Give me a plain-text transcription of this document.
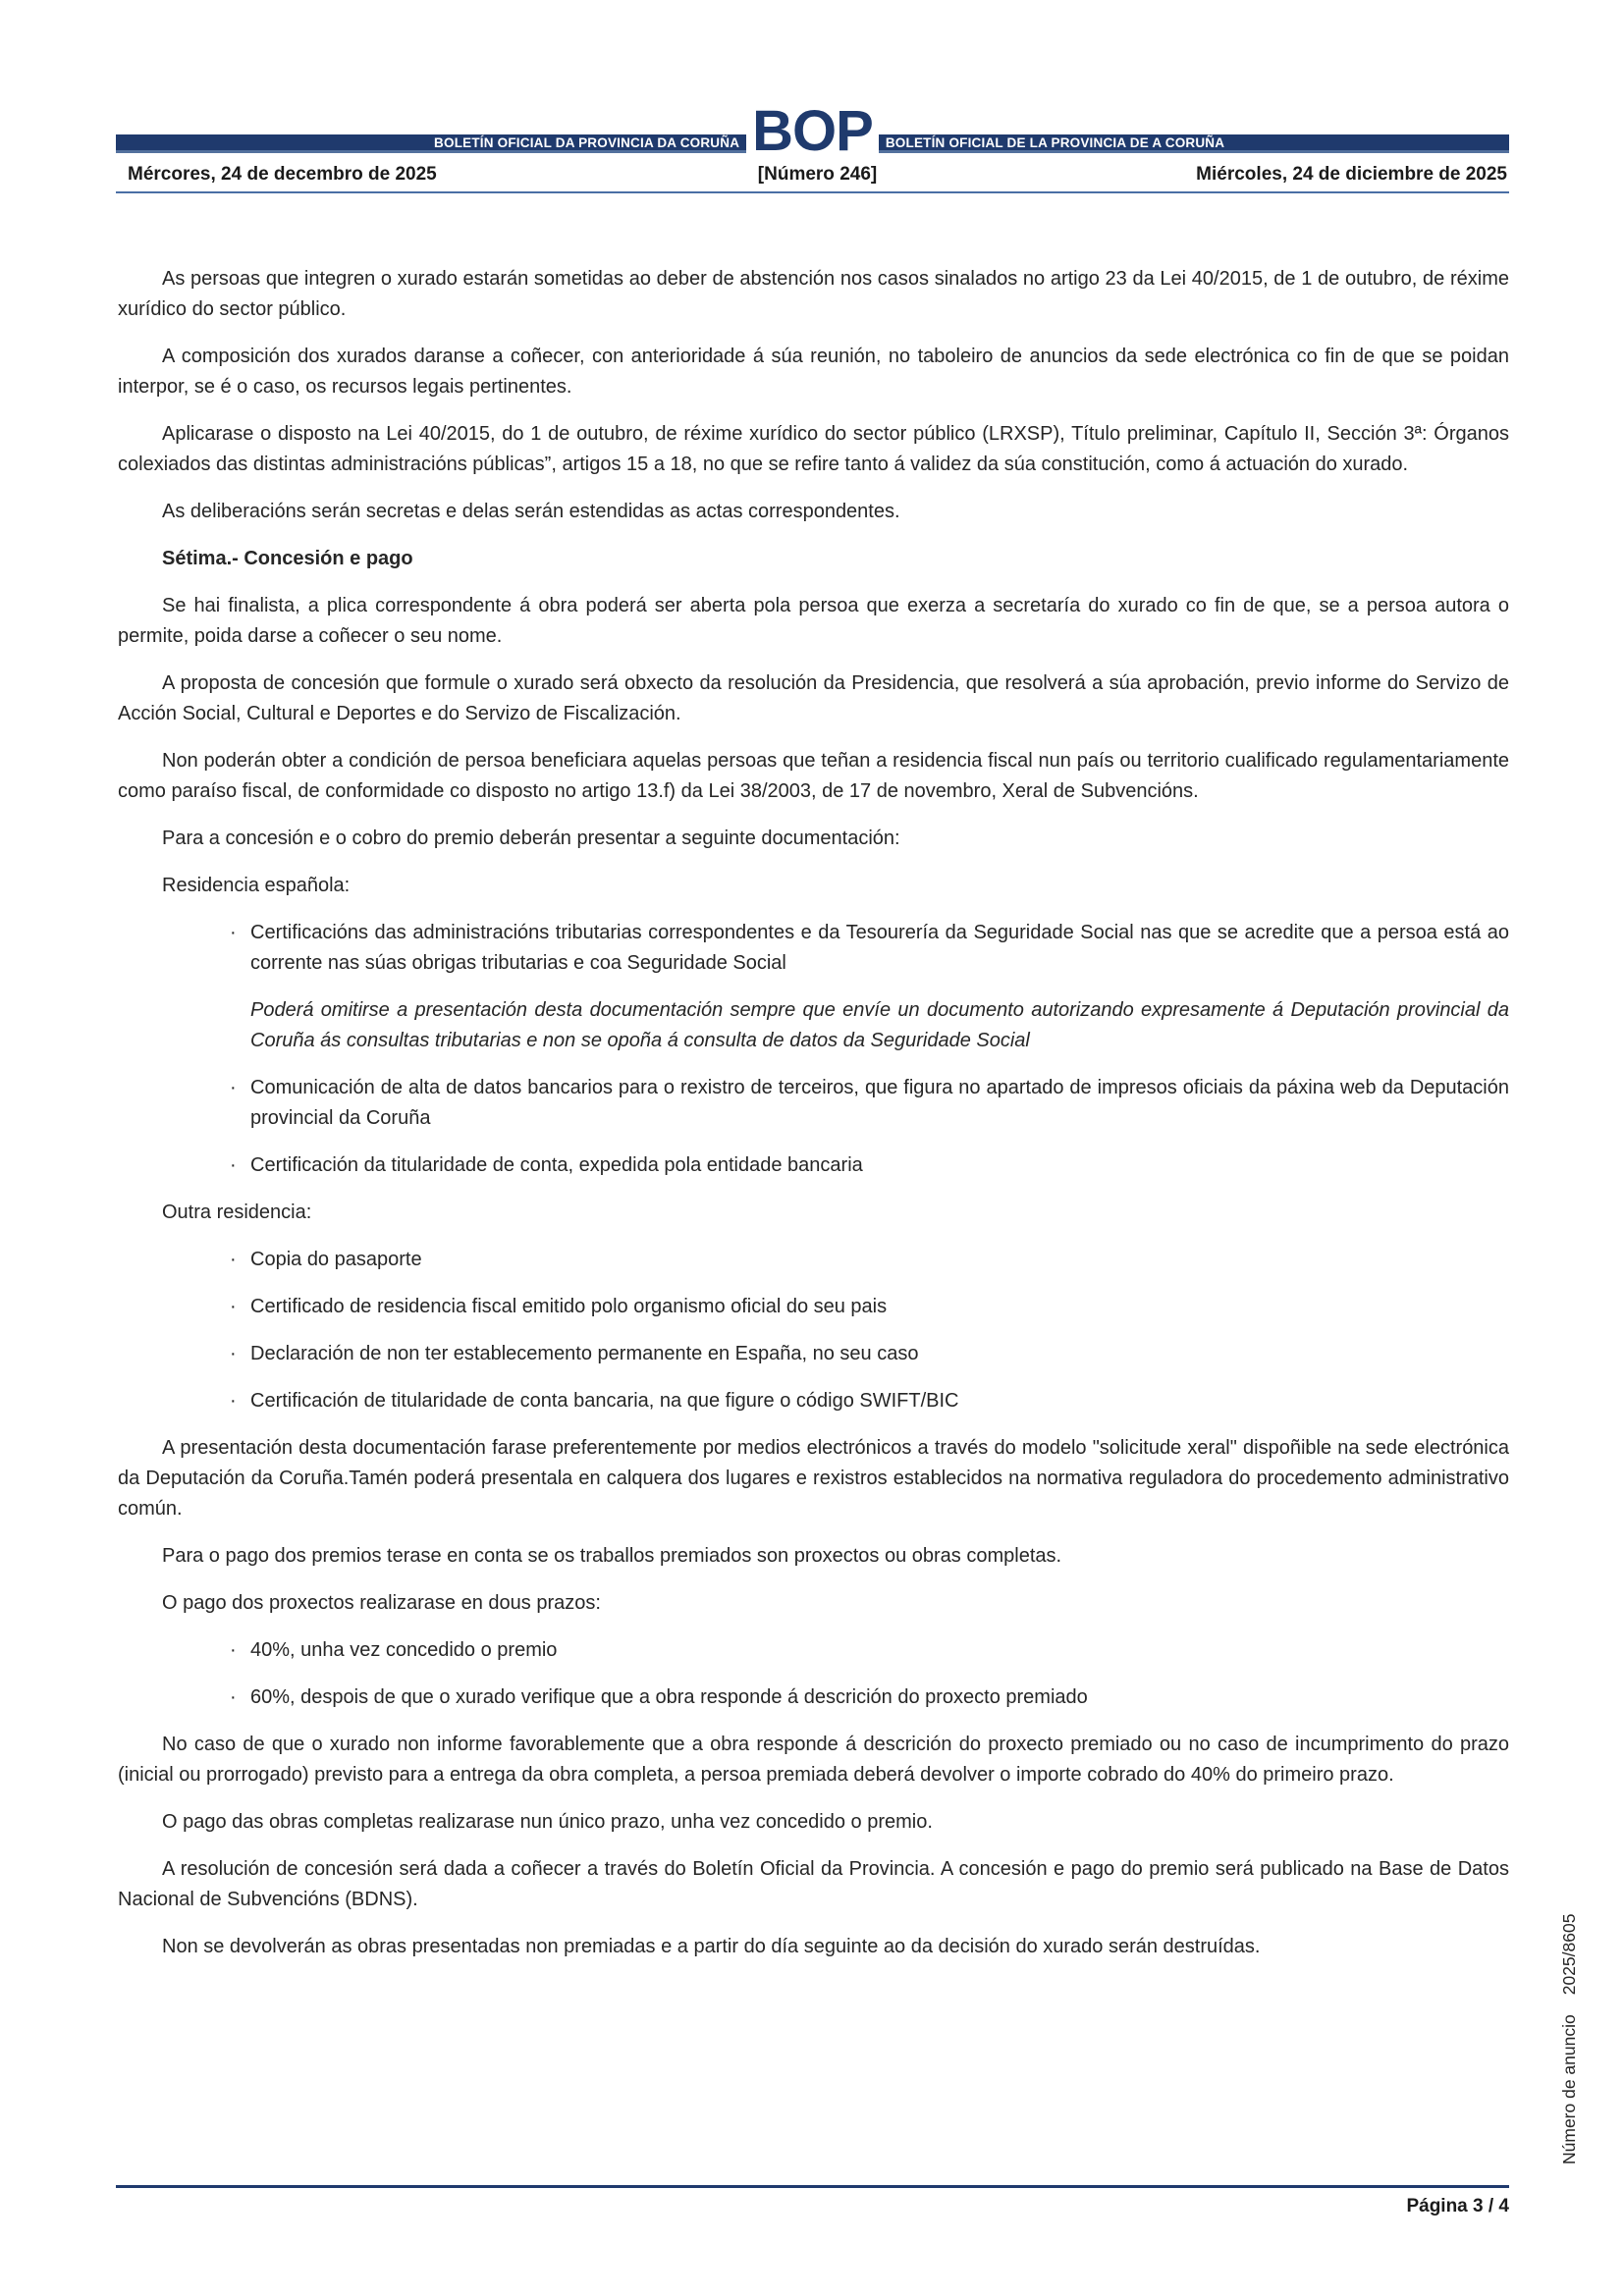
BOLETÍN OFICIAL DA PROVINCIA DA CORUÑA BOP BOLETÍN OFICIAL DE LA PROVINCIA DE A CORUÑA
Mércores, 24 de decembro de 2025	[Número 246]	Miércoles, 24 de diciembre de 2025

As persoas que integren o xurado estarán sometidas ao deber de abstención nos casos sinalados no artigo 23 da Lei 40/2015, de 1 de outubro, de réxime xurídico do sector público.

A composición dos xurados daranse a coñecer, con anterioridade á súa reunión, no taboleiro de anuncios da sede electrónica co fin de que se poidan interpor, se é o caso, os recursos legais pertinentes.

Aplicarase o disposto na Lei 40/2015, do 1 de outubro, de réxime xurídico do sector público (LRXSP), Título preliminar, Capítulo II, Sección 3ª: Órganos colexiados das distintas administracións públicas”, artigos 15 a 18, no que se refire tanto á validez da súa constitución, como á actuación do xurado.

As deliberacións serán secretas e delas serán estendidas as actas correspondentes.

Sétima.- Concesión e pago

Se hai finalista, a plica correspondente á obra poderá ser aberta pola persoa que exerza a secretaría do xurado co fin de que, se a persoa autora o permite, poida darse a coñecer o seu nome.

A proposta de concesión que formule o xurado será obxecto da resolución da Presidencia, que resolverá a súa aprobación, previo informe do Servizo de Acción Social, Cultural e Deportes e do Servizo de Fiscalización.

Non poderán obter a condición de persoa beneficiara aquelas persoas que teñan a residencia fiscal nun país ou territorio cualificado regulamentariamente como paraíso fiscal, de conformidade co disposto no artigo 13.f) da Lei 38/2003, de 17 de novembro, Xeral de Subvencións.

Para a concesión e o cobro do premio deberán presentar a seguinte documentación:

Residencia española:

· Certificacións das administracións tributarias correspondentes e da Tesourería da Seguridade Social nas que se acredite que a persoa está ao corrente nas súas obrigas tributarias e coa Seguridade Social

Poderá omitirse a presentación desta documentación sempre que envíe un documento autorizando expresamente á Deputación provincial da Coruña ás consultas tributarias e non se opoña á consulta de datos da Seguridade Social

· Comunicación de alta de datos bancarios para o rexistro de terceiros, que figura no apartado de impresos oficiais da páxina web da Deputación provincial da Coruña

· Certificación da titularidade de conta, expedida pola entidade bancaria

Outra residencia:

· Copia do pasaporte

· Certificado de residencia fiscal emitido polo organismo oficial do seu pais

· Declaración de non ter establecemento permanente en España, no seu caso

· Certificación de titularidade de conta bancaria, na que figure o código SWIFT/BIC

A presentación desta documentación farase preferentemente por medios electrónicos a través do modelo "solicitude xeral" dispoñible na sede electrónica da Deputación da Coruña.Tamén poderá presentala en calquera dos lugares e rexistros establecidos na normativa reguladora do procedemento administrativo común.

Para o pago dos premios terase en conta se os traballos premiados son proxectos ou obras completas.

O pago dos proxectos realizarase en dous prazos:

· 40%, unha vez concedido o premio

· 60%, despois de que o xurado verifique que a obra responde á descrición do proxecto premiado

No caso de que o xurado non informe favorablemente que a obra responde á descrición do proxecto premiado ou no caso de incumprimento do prazo (inicial ou prorrogado) previsto para a entrega da obra completa, a persoa premiada deberá devolver o importe cobrado do 40% do primeiro prazo.

O pago das obras completas realizarase nun único prazo, unha vez concedido o premio.

A resolución de concesión será dada a coñecer a través do Boletín Oficial da Provincia. A concesión e pago do premio será publicado na Base de Datos Nacional de Subvencións (BDNS).

Non se devolverán as obras presentadas non premiadas e a partir do día seguinte ao da decisión do xurado serán destruídas.

Página 3 / 4
Número de anuncio
2025/8605
